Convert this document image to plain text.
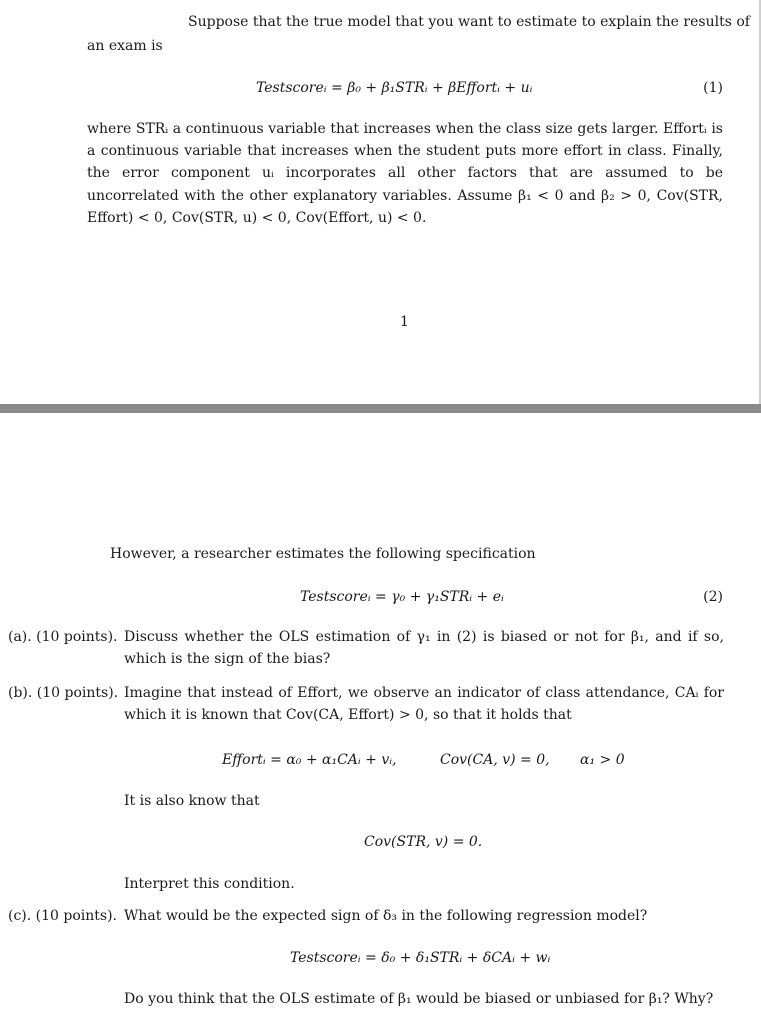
Suppose that the true model that you want to estimate to explain the results of
an exam is
Testscoreᵢ = β₀ + β₁STRᵢ + βEffortᵢ + uᵢ	(1)
where STRᵢ a continuous variable that increases when the class size gets larger. Effortᵢ is a continuous variable that increases when the student puts more effort in class. Finally, the error component uᵢ incorporates all other factors that are assumed to be uncorrelated with the other explanatory variables. Assume β₁ < 0 and β₂ > 0, Cov(STR, Effort) < 0, Cov(STR, u) < 0, Cov(Effort, u) < 0.
1
However, a researcher estimates the following specification
Testscoreᵢ = γ₀ + γ₁STRᵢ + eᵢ	(2)
(a). (10 points). Discuss whether the OLS estimation of γ₁ in (2) is biased or not for β₁, and if so, which is the sign of the bias?
(b). (10 points). Imagine that instead of Effort, we observe an indicator of class attendance, CAᵢ for which it is known that Cov(CA, Effort) > 0, so that it holds that
Effortᵢ = α₀ + α₁CAᵢ + vᵢ,	Cov(CA, v) = 0, α₁ > 0
It is also know that
Cov(STR, v) = 0.
Interpret this condition.
(c). (10 points). What would be the expected sign of δ₃ in the following regression model?
Testscoreᵢ = δ₀ + δ₁STRᵢ + δCAᵢ + wᵢ
Do you think that the OLS estimate of β₁ would be biased or unbiased for β₁? Why?
